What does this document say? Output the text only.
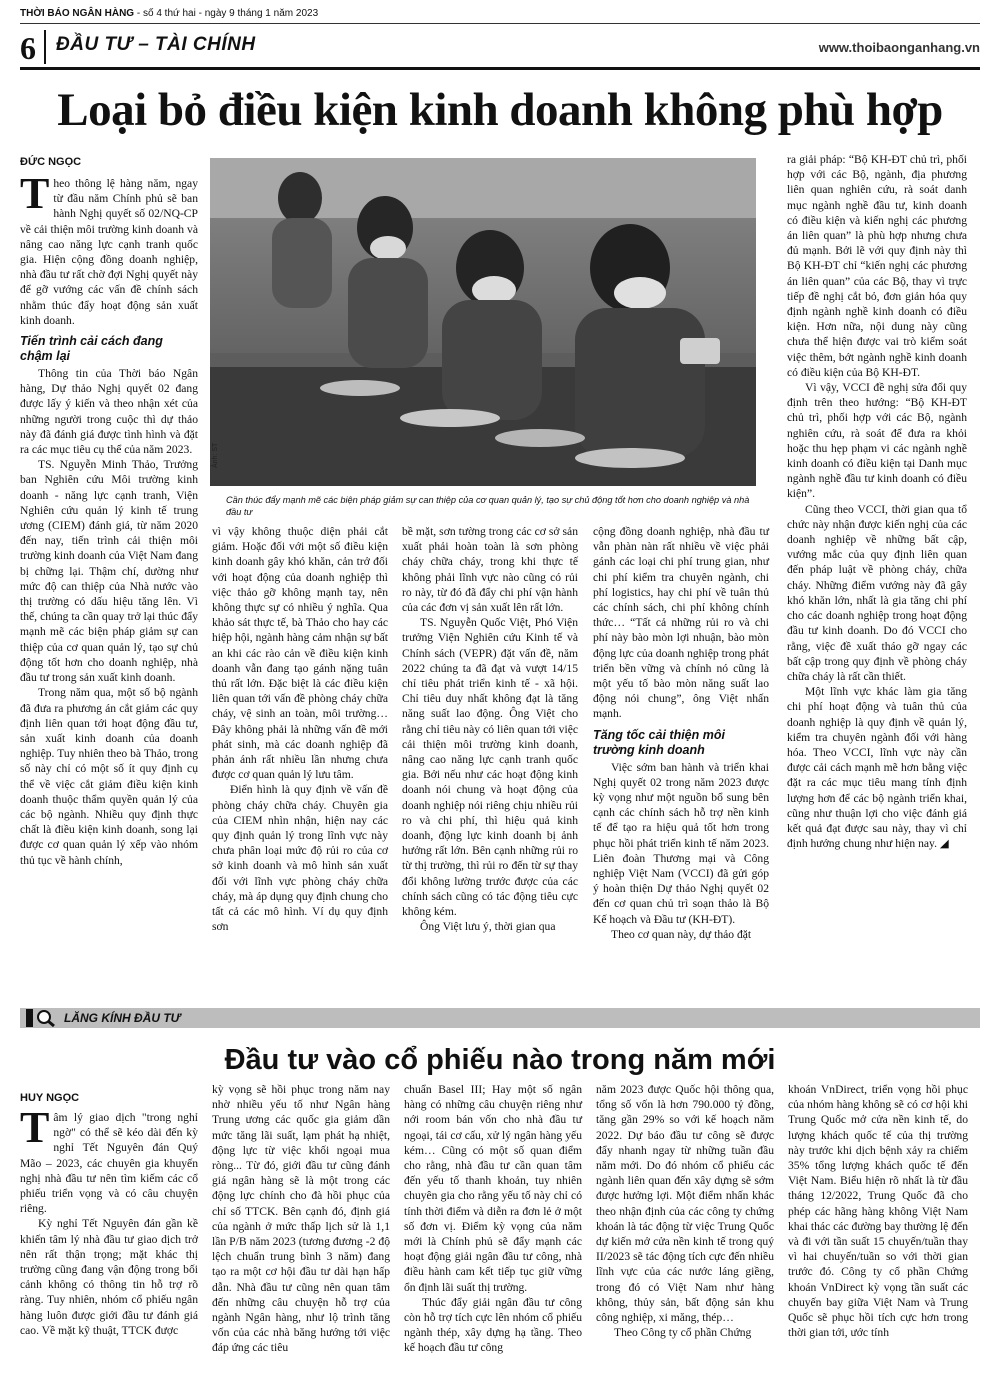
THỜI BÁO NGÂN HÀNG - số 4 thứ hai - ngày 9 tháng 1 năm 2023
6 ĐẦU TƯ – TÀI CHÍNH	www.thoibaonganhang.vn
Loại bỏ điều kiện kinh doanh không phù hợp
ĐỨC NGỌC

Theo thông lệ hàng năm, ngay từ đầu năm Chính phủ sẽ ban hành Nghị quyết số 02/NQ-CP về cải thiện môi trường kinh doanh và nâng cao năng lực cạnh tranh quốc gia. Hiện cộng đồng doanh nghiệp, nhà đầu tư rất chờ đợi Nghị quyết này để gỡ vướng các vấn đề chính sách nhằm thúc đẩy hoạt động sản xuất kinh doanh.

Tiến trình cải cách đang chậm lại

Thông tin của Thời báo Ngân hàng, Dự thảo Nghị quyết 02 đang được lấy ý kiến và theo nhận xét của những người trong cuộc thì dự thảo này đã đánh giá được tình hình và đặt ra các mục tiêu cụ thể của năm 2023.

TS. Nguyễn Minh Thảo, Trưởng ban Nghiên cứu Môi trường kinh doanh - năng lực cạnh tranh, Viện Nghiên cứu quản lý kinh tế trung ương (CIEM) đánh giá, từ năm 2020 đến nay, tiến trình cải thiện môi trường kinh doanh của Việt Nam đang bị chững lại. Thậm chí, dường như mức độ can thiệp của Nhà nước vào thị trường có dấu hiệu tăng lên. Vì thế, chúng ta cần quay trở lại thúc đẩy mạnh mẽ các biện pháp giảm sự can thiệp của cơ quan quản lý, tạo sự chủ động tốt hơn cho doanh nghiệp, nhà đầu tư trong sản xuất kinh doanh.

Trong năm qua, một số bộ ngành đã đưa ra phương án cắt giảm các quy định liên quan tới hoạt động đầu tư, sản xuất kinh doanh của doanh nghiệp. Tuy nhiên theo bà Thảo, trong số này chỉ có một số ít quy định cụ thể về việc cắt giảm điều kiện kinh doanh thuộc thẩm quyền quản lý của các bộ ngành. Nhiều quy định thực chất là điều kiện kinh doanh, song lại được cơ quan quản lý xếp vào nhóm thủ tục về hành chính,

Ảnh: ST
Cần thúc đẩy mạnh mẽ các biện pháp giảm sự can thiệp của cơ quan quản lý, tạo sự chủ động tốt hơn cho doanh nghiệp và nhà đầu tư

vì vậy không thuộc diện phải cắt giảm. Hoặc đối với một số điều kiện kinh doanh gây khó khăn, cản trở đối với hoạt động của doanh nghiệp thì việc thảo gỡ không mạnh tay, nên không thực sự có nhiều ý nghĩa. Qua khảo sát thực tế, bà Thảo cho hay các hiệp hội, ngành hàng cảm nhận sự bất an khi các rào cản về điều kiện kinh doanh vẫn đang tạo gánh nặng tuân thủ rất lớn. Đặc biệt là các điều kiện liên quan tới vấn đề phòng cháy chữa cháy, vệ sinh an toàn, môi trường… Đây không phải là những vấn đề mới phát sinh, mà các doanh nghiệp đã phản ánh rất nhiều lần nhưng chưa được cơ quan quản lý lưu tâm.

Điển hình là quy định về vấn đề phòng cháy chữa cháy. Chuyên gia của CIEM nhìn nhận, hiện nay các quy định quản lý trong lĩnh vực này chưa phân loại mức độ rủi ro của cơ sở kinh doanh và mô hình sản xuất đối với lĩnh vực phòng cháy chữa cháy, mà áp dụng quy định chung cho tất cả các mô hình. Ví dụ quy định sơn

bề mặt, sơn tường trong các cơ sở sản xuất phải hoàn toàn là sơn phòng cháy chữa cháy, trong khi thực tế không phải lĩnh vực nào cũng có rủi ro này, từ đó đã đẩy chi phí vận hành của các đơn vị sản xuất lên rất lớn.

TS. Nguyễn Quốc Việt, Phó Viện trưởng Viện Nghiên cứu Kinh tế và Chính sách (VEPR) đặt vấn đề, năm 2022 chúng ta đã đạt và vượt 14/15 chỉ tiêu phát triển kinh tế - xã hội. Chỉ tiêu duy nhất không đạt là tăng năng suất lao động. Ông Việt cho rằng chỉ tiêu này có liên quan tới việc cải thiện môi trường kinh doanh, nâng cao năng lực cạnh tranh quốc gia. Bởi nếu như các hoạt động kinh doanh nói chung và hoạt động của doanh nghiệp nói riêng chịu nhiều rủi ro và chi phí, thì hiệu quả kinh doanh, động lực kinh doanh bị ảnh hưởng rất lớn. Bên cạnh những rủi ro từ thị trường, thì rủi ro đến từ sự thay đổi không lường trước được của các chính sách cũng có tác động tiêu cực không kém.

Ông Việt lưu ý, thời gian qua

cộng đồng doanh nghiệp, nhà đầu tư vẫn phàn nàn rất nhiều về việc phải gánh các loại chi phí trung gian, như chi phí kiểm tra chuyên ngành, chi phí logistics, hay chi phí về tuân thủ các chính sách, chi phí không chính thức… “Tất cả những rủi ro và chi phí này bào mòn lợi nhuận, bào mòn động lực của doanh nghiệp trong phát triển bền vững và chính nó cũng là một yếu tố bào mòn năng suất lao động nói chung”, ông Việt nhấn mạnh.

Tăng tốc cải thiện môi trường kinh doanh

Việc sớm ban hành và triển khai Nghị quyết 02 trong năm 2023 được kỳ vọng như một nguồn bổ sung bên cạnh các chính sách hỗ trợ nền kinh tế để tạo ra hiệu quả tốt hơn trong phục hồi phát triển kinh tế năm 2023. Liên đoàn Thương mại và Công nghiệp Việt Nam (VCCI) đã gửi góp ý hoàn thiện Dự thảo Nghị quyết 02 đến cơ quan chủ trì soạn thảo là Bộ Kế hoạch và Đầu tư (KH-ĐT).

Theo cơ quan này, dự thảo đặt

ra giải pháp: “Bộ KH-ĐT chủ trì, phối hợp với các Bộ, ngành, địa phương liên quan nghiên cứu, rà soát danh mục ngành nghề đầu tư, kinh doanh có điều kiện và kiến nghị các phương án liên quan” là phù hợp nhưng chưa đủ mạnh. Bởi lẽ với quy định này thì Bộ KH-ĐT chỉ “kiến nghị các phương án liên quan” của các Bộ, thay vì trực tiếp đề nghị cắt bỏ, đơn giản hóa quy định ngành nghề kinh doanh có điều kiện. Hơn nữa, nội dung này cũng chưa thể hiện được vai trò kiểm soát việc thêm, bớt ngành nghề kinh doanh có điều kiện của Bộ KH-ĐT.

Vì vậy, VCCI đề nghị sửa đổi quy định trên theo hướng: “Bộ KH-ĐT chủ trì, phối hợp với các Bộ, ngành nghiên cứu, rà soát để đưa ra khỏi hoặc thu hẹp phạm vi các ngành nghề kinh doanh có điều kiện tại Danh mục ngành nghề đầu tư kinh doanh có điều kiện”.

Cũng theo VCCI, thời gian qua tổ chức này nhận được kiến nghị của các doanh nghiệp về những bất cập, vướng mắc của quy định liên quan đến pháp luật về phòng cháy, chữa cháy. Những điểm vướng này đã gây khó khăn lớn, nhất là gia tăng chi phí cho các doanh nghiệp trong hoạt động đầu tư kinh doanh. Do đó VCCI cho rằng, việc đề xuất tháo gỡ ngay các bất cập trong quy định về phòng cháy chữa cháy là rất cần thiết.

Một lĩnh vực khác làm gia tăng chi phí hoạt động và tuân thủ của doanh nghiệp là quy định về quản lý, kiểm tra chuyên ngành đối với hàng hóa. Theo VCCI, lĩnh vực này cần được cải cách mạnh mẽ hơn bằng việc đặt ra các mục tiêu mang tính định lượng hơn để các bộ ngành triển khai, cũng như thuận lợi cho việc đánh giá kết quả đạt được sau này, thay vì chỉ định hướng chung như hiện nay. ◢

LĂNG KÍNH ĐẦU TƯ
Đầu tư vào cổ phiếu nào trong năm mới
HUY NGỌC

Tâm lý giao dịch "trong nghỉ ngờ" có thể sẽ kéo dài đến kỳ nghỉ Tết Nguyên đán Quý Mão – 2023, các chuyên gia khuyến nghị nhà đầu tư nên tìm kiếm các cổ phiếu triển vọng và có câu chuyện riêng.

Kỳ nghỉ Tết Nguyên đán gần kề khiến tâm lý nhà đầu tư giao dịch trở nên rất thận trọng; mặt khác thị trường cũng đang vận động trong bối cảnh không có thông tin hỗ trợ rõ ràng. Tuy nhiên, nhóm cổ phiếu ngân hàng luôn được giới đầu tư đánh giá cao. Về mặt kỹ thuật, TTCK được

kỳ vọng sẽ hồi phục trong năm nay nhờ nhiều yếu tố như Ngân hàng Trung ương các quốc gia giảm dần mức tăng lãi suất, lạm phát hạ nhiệt, động lực từ việc khối ngoại mua ròng... Từ đó, giới đầu tư cũng đánh giá ngân hàng sẽ là một trong các động lực chính cho đà hồi phục của chỉ số TTCK. Bên cạnh đó, định giá của ngành ở mức thấp lịch sử là 1,1 lần P/B năm 2023 (tương đương -2 độ lệch chuẩn trung bình 3 năm) đang tạo ra một cơ hội đầu tư dài hạn hấp dẫn. Nhà đầu tư cũng nên quan tâm đến những câu chuyện hỗ trợ của ngành Ngân hàng, như lộ trình tăng vốn của các nhà băng hướng tới việc đáp ứng các tiêu

chuẩn Basel III; Hay một số ngân hàng có những câu chuyện riêng như nới room bán vốn cho nhà đầu tư ngoại, tái cơ cấu, xử lý ngân hàng yếu kém… Cũng có một số quan điểm cho rằng, nhà đầu tư cần quan tâm đến yếu tố thanh khoản, tuy nhiên chuyên gia cho rằng yếu tố này chỉ có tính thời điểm và diễn ra đơn lẻ ở một số đơn vị. Điểm kỳ vọng của năm mới là Chính phủ sẽ đẩy mạnh các hoạt động giải ngân đầu tư công, nhà điều hành cam kết tiếp tục giữ vững ổn định lãi suất thị trường.

Thúc đẩy giải ngân đầu tư công còn hỗ trợ tích cực lên nhóm cổ phiếu ngành thép, xây dựng hạ tầng. Theo kế hoạch đầu tư công

năm 2023 được Quốc hội thông qua, tổng số vốn là hơn 790.000 tỷ đồng, tăng gần 29% so với kế hoạch năm 2022. Dự báo đầu tư công sẽ được đẩy nhanh ngay từ những tuần đầu năm mới. Do đó nhóm cổ phiếu các ngành liên quan đến xây dựng sẽ sớm được hưởng lợi. Một điểm nhấn khác theo nhận định của các công ty chứng khoán là tác động từ việc Trung Quốc dự kiến mở cửa nền kinh tế trong quý II/2023 sẽ tác động tích cực đến nhiều lĩnh vực của các nước láng giềng, trong đó có Việt Nam như hàng không, thủy sản, bất động sản khu công nghiệp, xi măng, thép…

Theo Công ty cổ phần Chứng

khoán VnDirect, triển vọng hồi phục của nhóm hàng không sẽ có cơ hội khi Trung Quốc mở cửa nền kinh tế, do lượng khách quốc tế của thị trường này trước khi dịch bệnh xảy ra chiếm 35% tổng lượng khách quốc tế đến Việt Nam. Biểu hiện rõ nhất là từ đầu tháng 12/2022, Trung Quốc đã cho phép các hãng hàng không Việt Nam khai thác các đường bay thường lệ đến và đi với tần suất 15 chuyến/tuần thay vì hai chuyến/tuần so với thời gian trước đó. Công ty cổ phần Chứng khoán VnDirect kỳ vọng tần suất các chuyến bay giữa Việt Nam và Trung Quốc sẽ phục hồi tích cực hơn trong thời gian tới, ước tính
